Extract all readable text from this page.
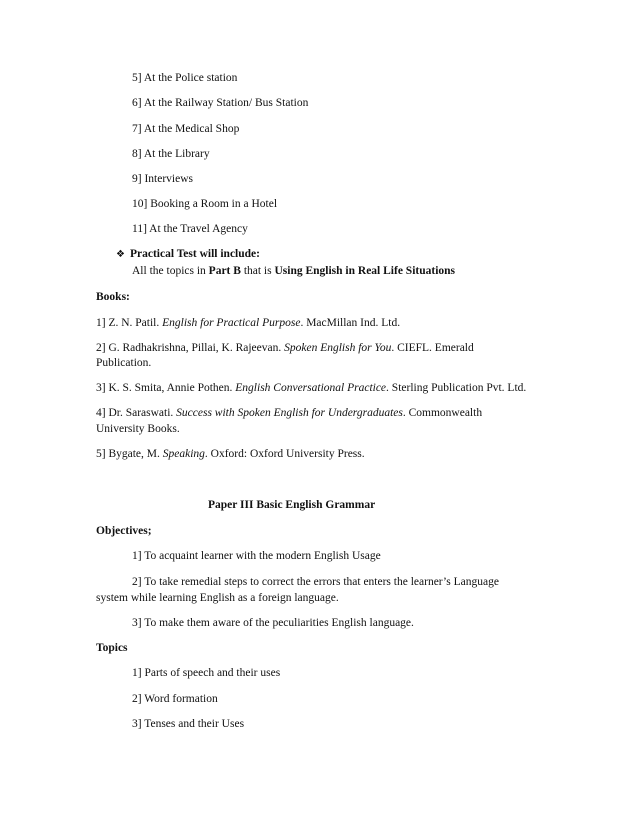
5] At the Police station
6] At the Railway Station/ Bus Station
7] At the Medical Shop
8] At the Library
9] Interviews
10] Booking a Room in a Hotel
11] At the Travel Agency
❖ Practical Test will include:
All the topics in Part B that is Using English in Real Life Situations
Books:
1] Z. N. Patil. English for Practical Purpose. MacMillan Ind. Ltd.
2] G. Radhakrishna, Pillai, K. Rajeevan. Spoken English for You. CIEFL. Emerald
Publication.
3] K. S. Smita, Annie Pothen. English Conversational Practice. Sterling Publication Pvt. Ltd.
4] Dr. Saraswati. Success with Spoken English for Undergraduates. Commonwealth
University Books.
5] Bygate, M. Speaking. Oxford: Oxford University Press.
Paper III Basic English Grammar
Objectives;
1] To acquaint learner with the modern English Usage
2] To take remedial steps to correct the errors that enters the learner’s Language
system while learning English as a foreign language.
3] To make them aware of the peculiarities English language.
Topics
1] Parts of speech and their uses
2] Word formation
3] Tenses and their Uses
